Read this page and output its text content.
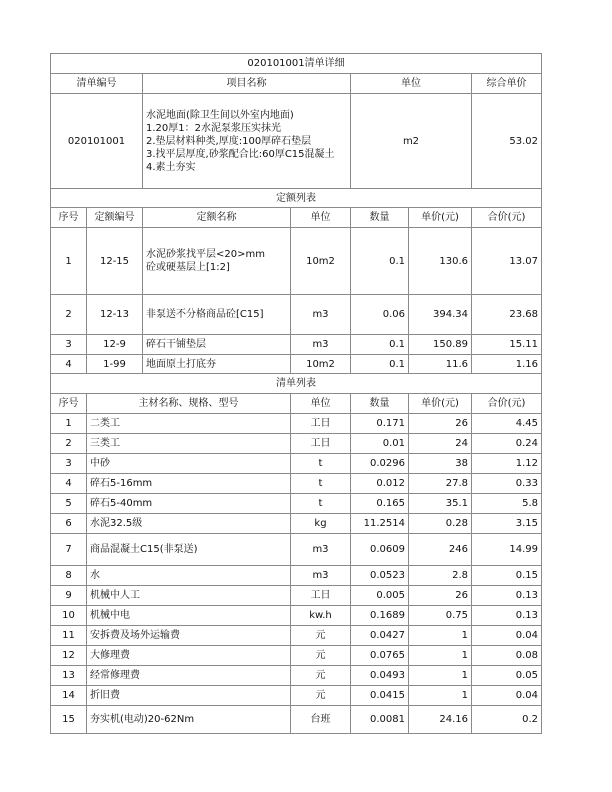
020101001清单详细						
清单编号		项目名称		单位		综合单价
020101001		水泥地面(除卫生间以外室内地面)
1.20厚1：2水泥泵浆压实抹光
2.垫层材料种类,厚度:100厚碎石垫层
3.找平层厚度,砂浆配合比:60厚C15混凝土
4.素土夯实		m2		53.02
定额列表						
序号	定额编号	定额名称	单位	数量	单价(元)	合价(元)
1	12-15	水泥砂浆找平层<20>mm
砼或硬基层上[1:2]	10m2	0.1	130.6	13.07
2	12-13	非泵送不分格商品砼[C15]	m3	0.06	394.34	23.68
3	12-9	碎石干铺垫层	m3	0.1	150.89	15.11
4	1-99	地面原土打底夯	10m2	0.1	11.6	1.16
清单列表						
序号	主材名称、规格、型号		单位	数量	单价(元)	合价(元)
1	二类工		工日	0.171	26	4.45
2	三类工		工日	0.01	24	0.24
3	中砂		t	0.0296	38	1.12
4	碎石5-16mm		t	0.012	27.8	0.33
5	碎石5-40mm		t	0.165	35.1	5.8
6	水泥32.5级		kg	11.2514	0.28	3.15
7	商品混凝土C15(非泵送)		m3	0.0609	246	14.99
8	水		m3	0.0523	2.8	0.15
9	机械中人工		工日	0.005	26	0.13
10	机械中电		kw.h	0.1689	0.75	0.13
11	安拆费及场外运输费		元	0.0427	1	0.04
12	大修理费		元	0.0765	1	0.08
13	经常修理费		元	0.0493	1	0.05
14	折旧费		元	0.0415	1	0.04
15	夯实机(电动)20-62Nm		台班	0.0081	24.16	0.2
